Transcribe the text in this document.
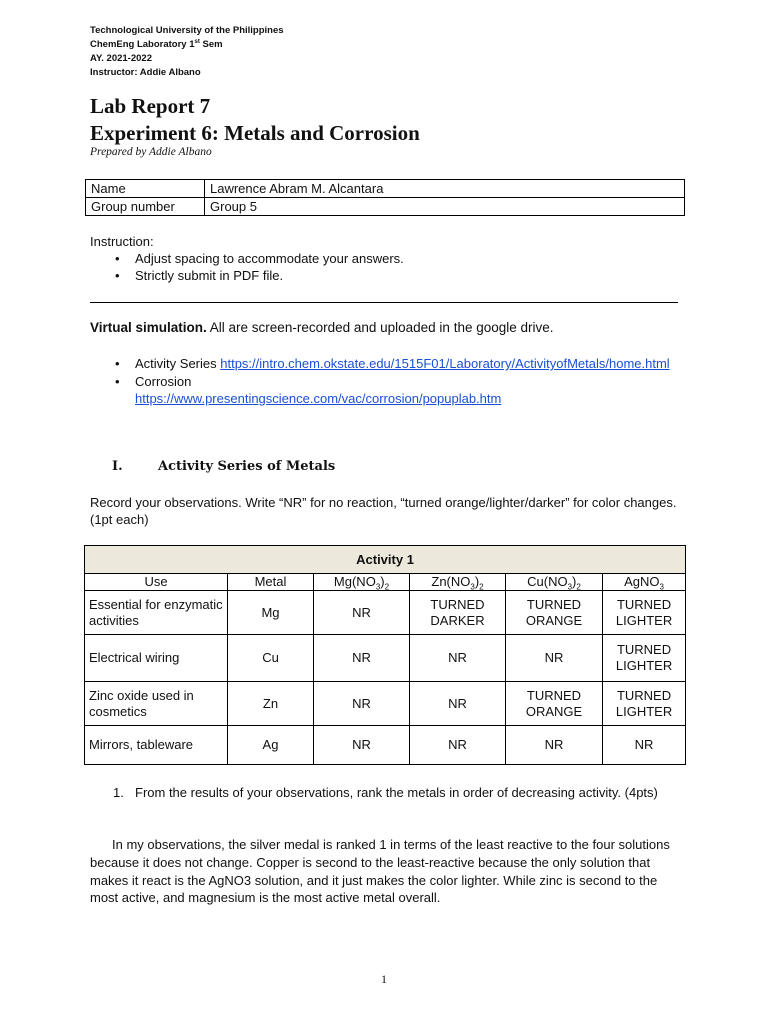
Technological University of the Philippines
ChemEng Laboratory 1st Sem
AY. 2021-2022
Instructor: Addie Albano
Lab Report 7
Experiment 6: Metals and Corrosion
Prepared by Addie Albano
Name	Lawrence Abram M. Alcantara
Group number	Group 5
Instruction:
• Adjust spacing to accommodate your answers.
• Strictly submit in PDF file.
Virtual simulation. All are screen-recorded and uploaded in the google drive.
• Activity Series https://intro.chem.okstate.edu/1515F01/Laboratory/ActivityofMetals/home.html
• Corrosion
https://www.presentingscience.com/vac/corrosion/popuplab.htm
I.	Activity Series of Metals
Record your observations. Write “NR” for no reaction, “turned orange/lighter/darker” for color changes. (1pt each)
Activity 1					
Use	Metal	$Mg(NO_3)_2$	$Zn(NO_3)_2$	$Cu(NO_3)_2$	AgNO$_3$
Essential for enzymatic activities	Mg	NR	TURNED DARKER	TURNED ORANGE	TURNED LIGHTER
Electrical wiring	Cu	NR	NR	NR	TURNED LIGHTER
Zinc oxide used in cosmetics	Zn	NR	NR	TURNED ORANGE	TURNED LIGHTER
Mirrors, tableware	Ag	NR	NR	NR	NR
1. From the results of your observations, rank the metals in order of decreasing activity. (4pts)
In my observations, the silver medal is ranked 1 in terms of the least reactive to the four solutions because it does not change. Copper is second to the least-reactive because the only solution that makes it react is the AgNO3 solution, and it just makes the color lighter. While zinc is second to the most active, and magnesium is the most active metal overall.
1
